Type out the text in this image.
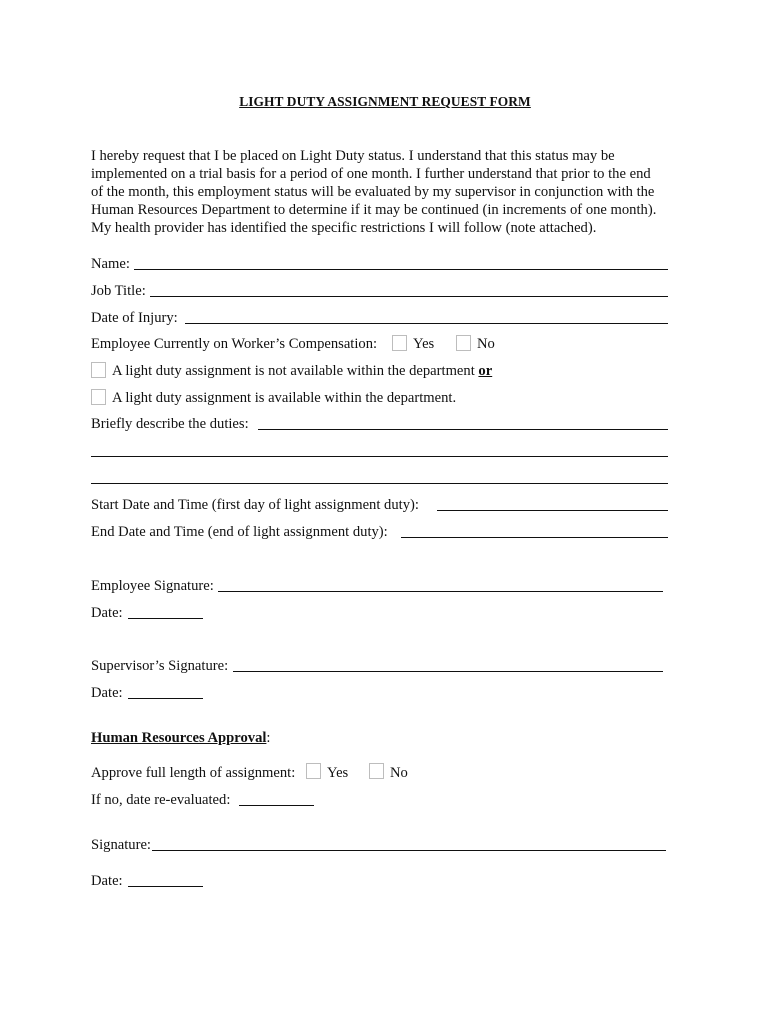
LIGHT DUTY ASSIGNMENT REQUEST FORM
I hereby request that I be placed on Light Duty status. I understand that this status may be
implemented on a trial basis for a period of one month. I further understand that prior to the end
of the month, this employment status will be evaluated by my supervisor in conjunction with the
Human Resources Department to determine if it may be continued (in increments of one month).
My health provider has identified the specific restrictions I will follow (note attached).
Name:
Job Title:
Date of Injury:
Employee Currently on Worker’s Compensation: Yes	No
A light duty assignment is not available within the department or
A light duty assignment is available within the department.
Briefly describe the duties:
Start Date and Time (first day of light assignment duty):
End Date and Time (end of light assignment duty):
Employee Signature:
Date:
Supervisor’s Signature:
Date:
Human Resources Approval:
Approve full length of assignment: Yes	No
If no, date re-evaluated:
Signature:
Date:
